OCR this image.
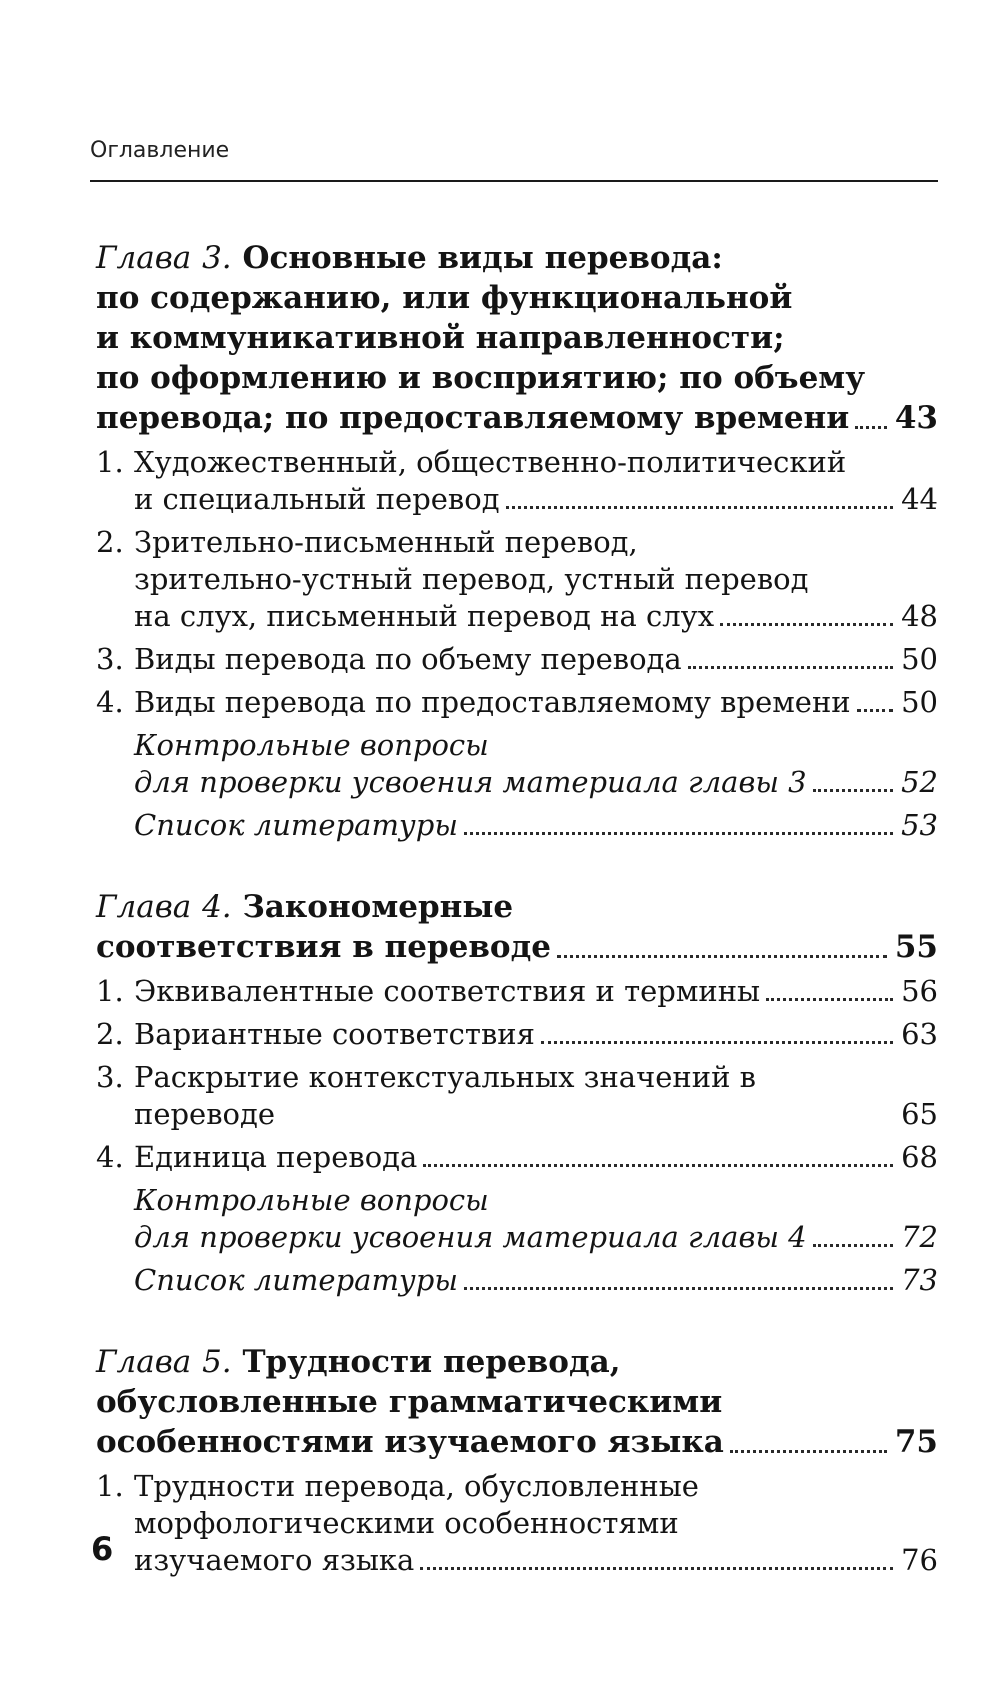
Оглавление
Глава 3. Основные виды перевода:
по содержанию, или функциональной
и коммуникативной направленности;
по оформлению и восприятию; по объему
перевода; по предоставляемому времени 43
1. Художественный, общественно-политический
и специальный перевод	44
2. Зрительно-письменный перевод,
зрительно-устный перевод, устный перевод
на слух, письменный перевод на слух	48
3. Виды перевода по объему перевода	50
4. Виды перевода по предоставляемому времени 50
Контрольные вопросы
для проверки усвоения материала главы 3	52
Список литературы	53
Глава 4. Закономерные
соответствия в переводе	55
1. Эквивалентные соответствия и термины	56
2. Вариантные соответствия	63
3. Раскрытие контекстуальных значений в переводе	65
4. Единица перевода	68
Контрольные вопросы
для проверки усвоения материала главы 4	72
Список литературы	73
Глава 5. Трудности перевода,
обусловленные грамматическими
особенностями изучаемого языка	75
1. Трудности перевода, обусловленные
морфологическими особенностями
изучаемого языка	76
6
